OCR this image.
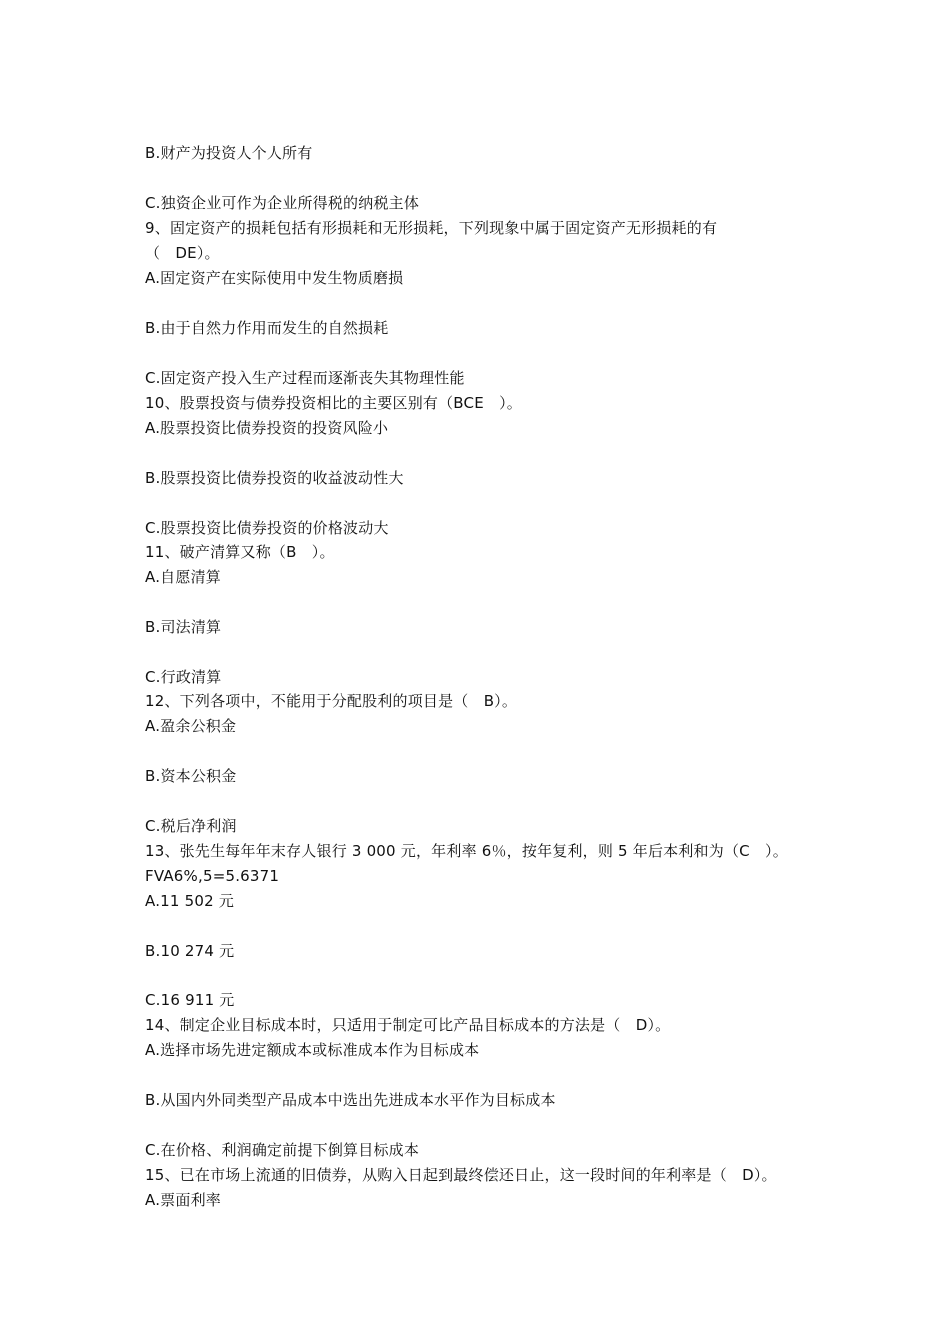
B.财产为投资人个人所有
C.独资企业可作为企业所得税的纳税主体
9、固定资产的损耗包括有形损耗和无形损耗，下列现象中属于固定资产无形损耗的有
（　DE）。
A.固定资产在实际使用中发生物质磨损
B.由于自然力作用而发生的自然损耗
C.固定资产投入生产过程而逐渐丧失其物理性能
10、股票投资与债券投资相比的主要区别有（BCE　）。
A.股票投资比债券投资的投资风险小
B.股票投资比债券投资的收益波动性大
C.股票投资比债券投资的价格波动大
11、破产清算又称（B　）。
A.自愿清算
B.司法清算
C.行政清算
12、下列各项中，不能用于分配股利的项目是（　B）。
A.盈余公积金
B.资本公积金
C.税后净利润
13、张先生每年年末存人银行 3 000 元，年利率 6％，按年复利，则 5 年后本利和为（C　）。
FVA6%,5=5.6371
A.11 502 元
B.10 274 元
C.16 911 元
14、制定企业目标成本时，只适用于制定可比产品目标成本的方法是（　D）。
A.选择市场先进定额成本或标准成本作为目标成本
B.从国内外同类型产品成本中选出先进成本水平作为目标成本
C.在价格、利润确定前提下倒算目标成本
15、已在市场上流通的旧债券，从购入日起到最终偿还日止，这一段时间的年利率是（　D）。
A.票面利率
